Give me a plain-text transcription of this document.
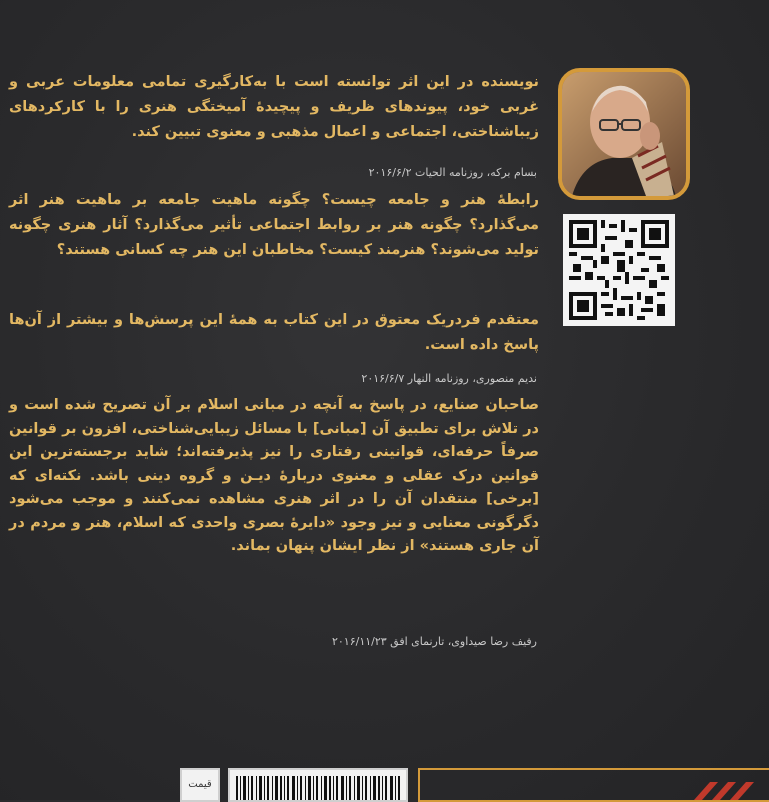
نویسنده در این اثر توانسته است با به‌کارگیری تمامی معلومات عربی و غربی خود، پیوندهای ظریف و پیچیدهٔ آمیختگی هنری را با کارکردهای زیباشناختی، اجتماعی و اعمال مذهبی و معنوی تبیین کند.
بسام برکه، روزنامه الحیات ۲۰۱۶/۶/۲
رابطهٔ هنر و جامعه چیست؟ چگونه ماهیت جامعه بر ماهیت هنر اثر می‌گذارد؟ چگونه هنر بر روابط اجتماعی تأثیر می‌گذارد؟ آثار هنری چگونه تولید می‌شوند؟ هنرمند کیست؟ مخاطبان این هنر چه کسانی هستند؟
معتقدم فردریک معتوق در این کتاب به همهٔ این پرسش‌ها و بیشتر از آن‌ها پاسخ داده است.
ندیم منصوری، روزنامه النهار ۲۰۱۶/۶/۷
صاحبان صنایع، در پاسخ به آنچه در مبانی اسلام بر آن تصریح شده است و در تلاش برای تطبیق آن [مبانی] با مسائل زیبایی‌شناختی، افزون بر قوانین صرفاً حرفه‌ای، قوانینی رفتاری را نیز پذیرفته‌اند؛ شاید برجسته‌ترین این قوانین درک عقلی و معنوی دربارهٔ دیـن و گروه دینی باشد. نکته‌ای که [برخی] منتقدان آن را در اثر هنری مشاهده نمی‌کنند و موجب می‌شود دگرگونی معنایی و نیز وجود «دایرهٔ بصری واحدی که اسلام، هنر و مردم در آن جاری هستند» از نظر ایشان پنهان بماند.
رفیف رضا صیداوی، تارنمای افق ۲۰۱۶/۱۱/۲۳
قیمت
